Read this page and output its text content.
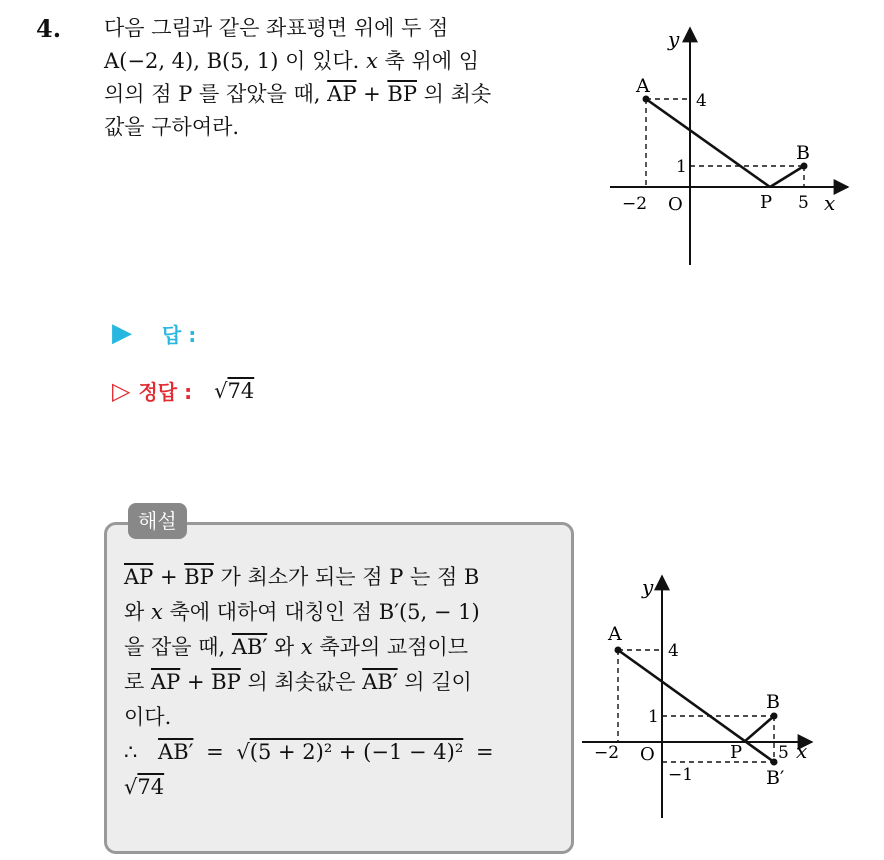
4. 다음 그림과 같은 좌표평면 위에 두 점
A(−2, 4), B(5, 1) 이 있다. x 축 위에 임
의의 점 P 를 잡았을 때, $\overline{AP} + \overline{BP}$ 의 최솟
값을 구하여라.
y
x
A
B
P
O
4
1
−2	5
▶ 답 :
▷ 정답 : √74
해설
$\overline{AP} + \overline{BP}$ 가 최소가 되는 점 P 는 점 B
와 x 축에 대하여 대칭인 점 B′(5, − 1)
을 잡을 때, AB′ 와 x 축과의 교점이므
로 $\overline{AP} + \overline{BP}$ 의 최솟값은 AB′ 의 길이
이다.
∴ AB′ = √(5 + 2)² + (−1 − 4)² =
√74
y
x
A
B
B′
P
O
4
1
−1
−2	5
